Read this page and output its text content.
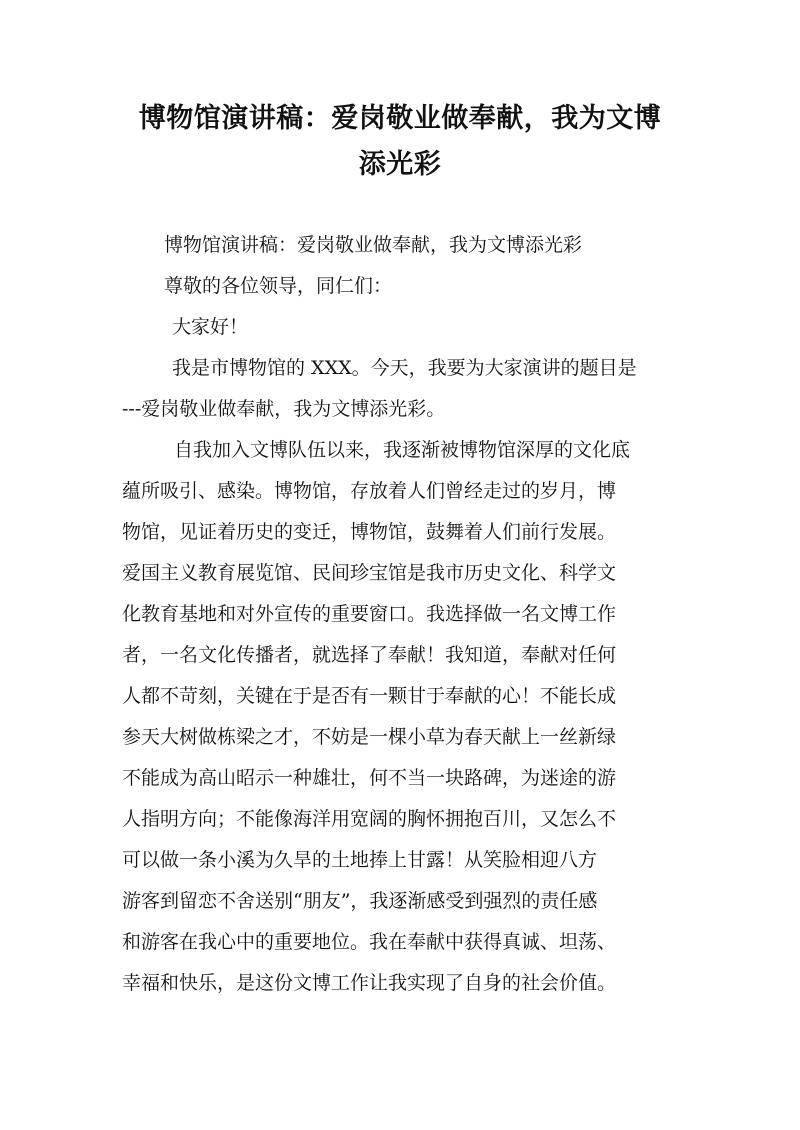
博物馆演讲稿：爱岗敬业做奉献，我为文博
添光彩
博物馆演讲稿：爱岗敬业做奉献，我为文博添光彩
尊敬的各位领导，同仁们：
大家好！
我是市博物馆的 XXX。今天，我要为大家演讲的题目是
---爱岗敬业做奉献，我为文博添光彩。
自我加入文博队伍以来，我逐渐被博物馆深厚的文化底
蕴所吸引、感染。博物馆，存放着人们曾经走过的岁月，博
物馆，见证着历史的变迁，博物馆，鼓舞着人们前行发展。
爱国主义教育展览馆、民间珍宝馆是我市历史文化、科学文
化教育基地和对外宣传的重要窗口。我选择做一名文博工作
者，一名文化传播者，就选择了奉献！我知道，奉献对任何
人都不苛刻，关键在于是否有一颗甘于奉献的心！不能长成
参天大树做栋梁之才，不妨是一棵小草为春天献上一丝新绿
不能成为高山昭示一种雄壮，何不当一块路碑，为迷途的游
人指明方向；不能像海洋用宽阔的胸怀拥抱百川，又怎么不
可以做一条小溪为久旱的土地捧上甘露！从笑脸相迎八方
游客到留恋不舍送别“朋友”，我逐渐感受到强烈的责任感
和游客在我心中的重要地位。我在奉献中获得真诚、坦荡、
幸福和快乐，是这份文博工作让我实现了自身的社会价值。
